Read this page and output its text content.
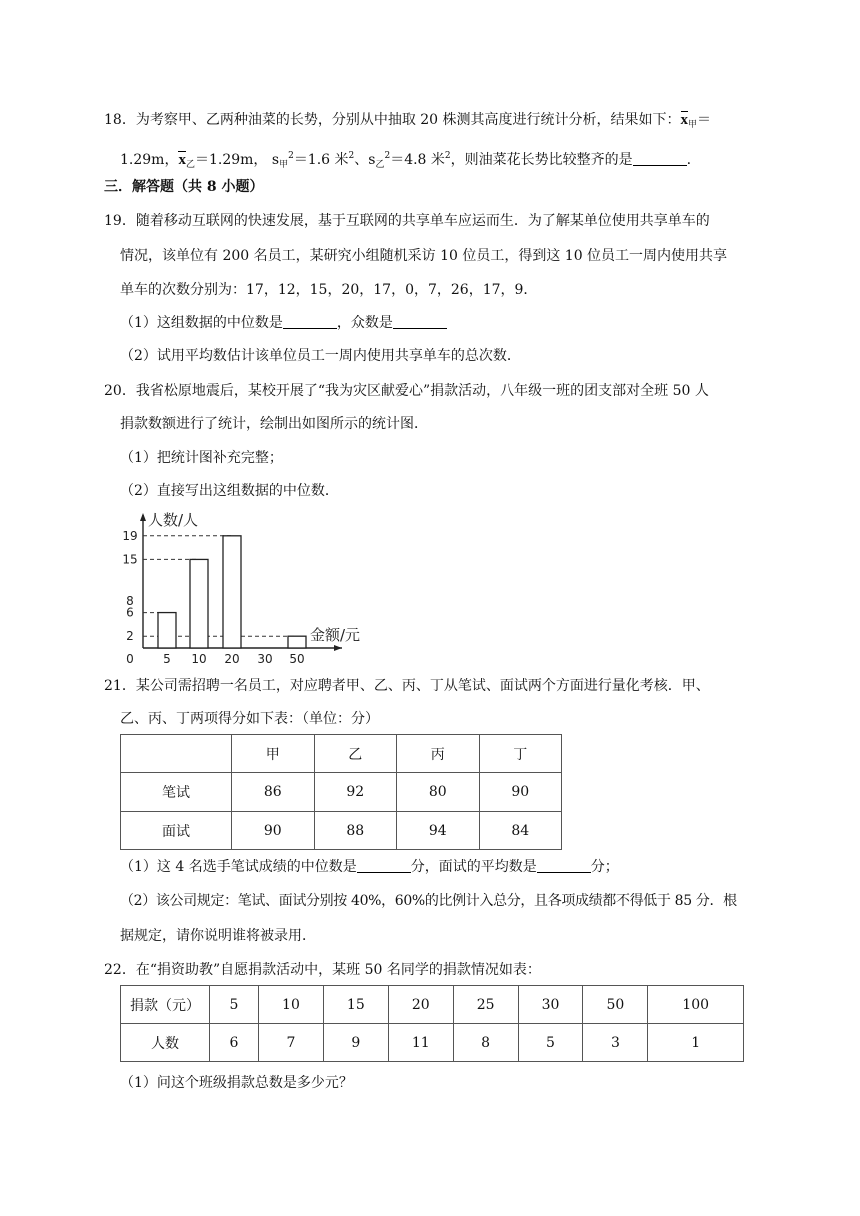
18．为考察甲、乙两种油菜的长势，分别从中抽取 20 株测其高度进行统计分析，结果如下：$x_甲=$
1.29m，$x_乙=1.29m$， $s_甲^2=1.6$ 米$^2$、$s_乙^2=4.8$ 米$^2$，则油菜花长势比较整齐的是	.
三．解答题（共 8 小题）
19．随着移动互联网的快速发展，基于互联网的共享单车应运而生．为了解某单位使用共享单车的
情况，该单位有 200 名员工，某研究小组随机采访 10 位员工，得到这 10 位员工一周内使用共享
单车的次数分别为：17，12，15，20，17，0，7，26，17，9．
（1）这组数据的中位数是	，众数是
（2）试用平均数估计该单位员工一周内使用共享单车的总次数．
20．我省松原地震后，某校开展了“我为灾区献爱心”捐款活动，八年级一班的团支部对全班 50 人
捐款数额进行了统计，绘制出如图所示的统计图．
（1）把统计图补充完整；
（2）直接写出这组数据的中位数．
5 10 20 30 50
0
2
6
8
15
19
人数/人
金额/元
21．某公司需招聘一名员工，对应聘者甲、乙、丙、丁从笔试、面试两个方面进行量化考核．甲、
乙、丙、丁两项得分如下表：（单位：分）
	甲	乙	丙	丁
笔试	86	92	80	90
面试	90	88	94	84
（1）这 4 名选手笔试成绩的中位数是	分，面试的平均数是	分；
（2）该公司规定：笔试、面试分别按 40%，60%的比例计入总分，且各项成绩都不得低于 85 分．根
据规定，请你说明谁将被录用．
22．在“捐资助教”自愿捐款活动中，某班 50 名同学的捐款情况如表：
捐款（元）	5	10	15	20	25	30	50	100
人数	6	7	9	11	8	5	3	1
（1）问这个班级捐款总数是多少元？
